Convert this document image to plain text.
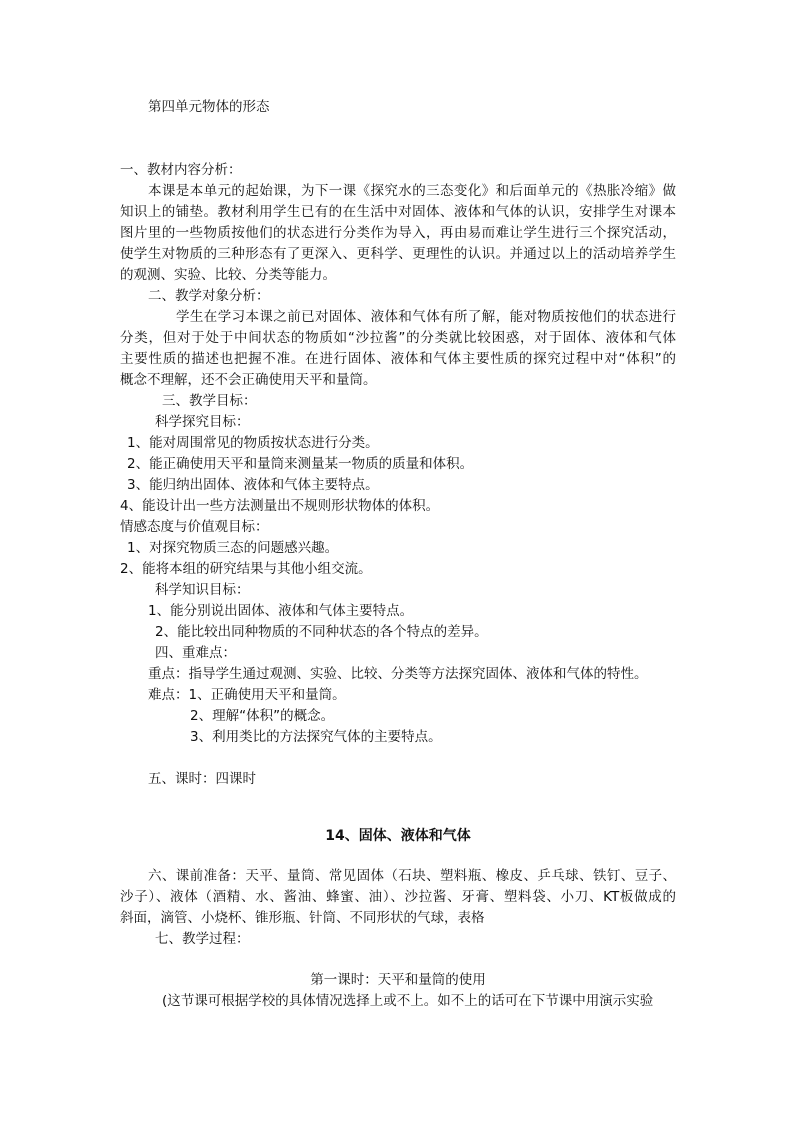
第四单元物体的形态
一、教材内容分析：
本课是本单元的起始课，为下一课《探究水的三态变化》和后面单元的《热胀冷缩》做
知识上的铺垫。教材利用学生已有的在生活中对固体、液体和气体的认识，安排学生对课本
图片里的一些物质按他们的状态进行分类作为导入，再由易而难让学生进行三个探究活动，
使学生对物质的三种形态有了更深入、更科学、更理性的认识。并通过以上的活动培养学生
的观测、实验、比较、分类等能力。
二、教学对象分析：
学生在学习本课之前已对固体、液体和气体有所了解，能对物质按他们的状态进行
分类，但对于处于中间状态的物质如“沙拉酱”的分类就比较困惑，对于固体、液体和气体
主要性质的描述也把握不准。在进行固体、液体和气体主要性质的探究过程中对“体积”的
概念不理解，还不会正确使用天平和量筒。
三、教学目标：
科学探究目标：
1、能对周围常见的物质按状态进行分类。
2、能正确使用天平和量筒来测量某一物质的质量和体积。
3、能归纳出固体、液体和气体主要特点。
4、能设计出一些方法测量出不规则形状物体的体积。
情感态度与价值观目标：
1、对探究物质三态的问题感兴趣。
2、能将本组的研究结果与其他小组交流。
科学知识目标：
1、能分别说出固体、液体和气体主要特点。
2、能比较出同种物质的不同种状态的各个特点的差异。
四、重难点：
重点：指导学生通过观测、实验、比较、分类等方法探究固体、液体和气体的特性。
难点：1、正确使用天平和量筒。
2、理解“体积”的概念。
3、利用类比的方法探究气体的主要特点。
五、课时：四课时
14、固体、液体和气体
六、课前准备：天平、量筒、常见固体（石块、塑料瓶、橡皮、乒乓球、铁钉、豆子、
沙子）、液体（酒精、水、酱油、蜂蜜、油）、沙拉酱、牙膏、塑料袋、小刀、KT板做成的
斜面，滴管、小烧杯、锥形瓶、针筒、不同形状的气球，表格
七、教学过程：
第一课时：天平和量筒的使用
(这节课可根据学校的具体情况选择上或不上。如不上的话可在下节课中用演示实验
